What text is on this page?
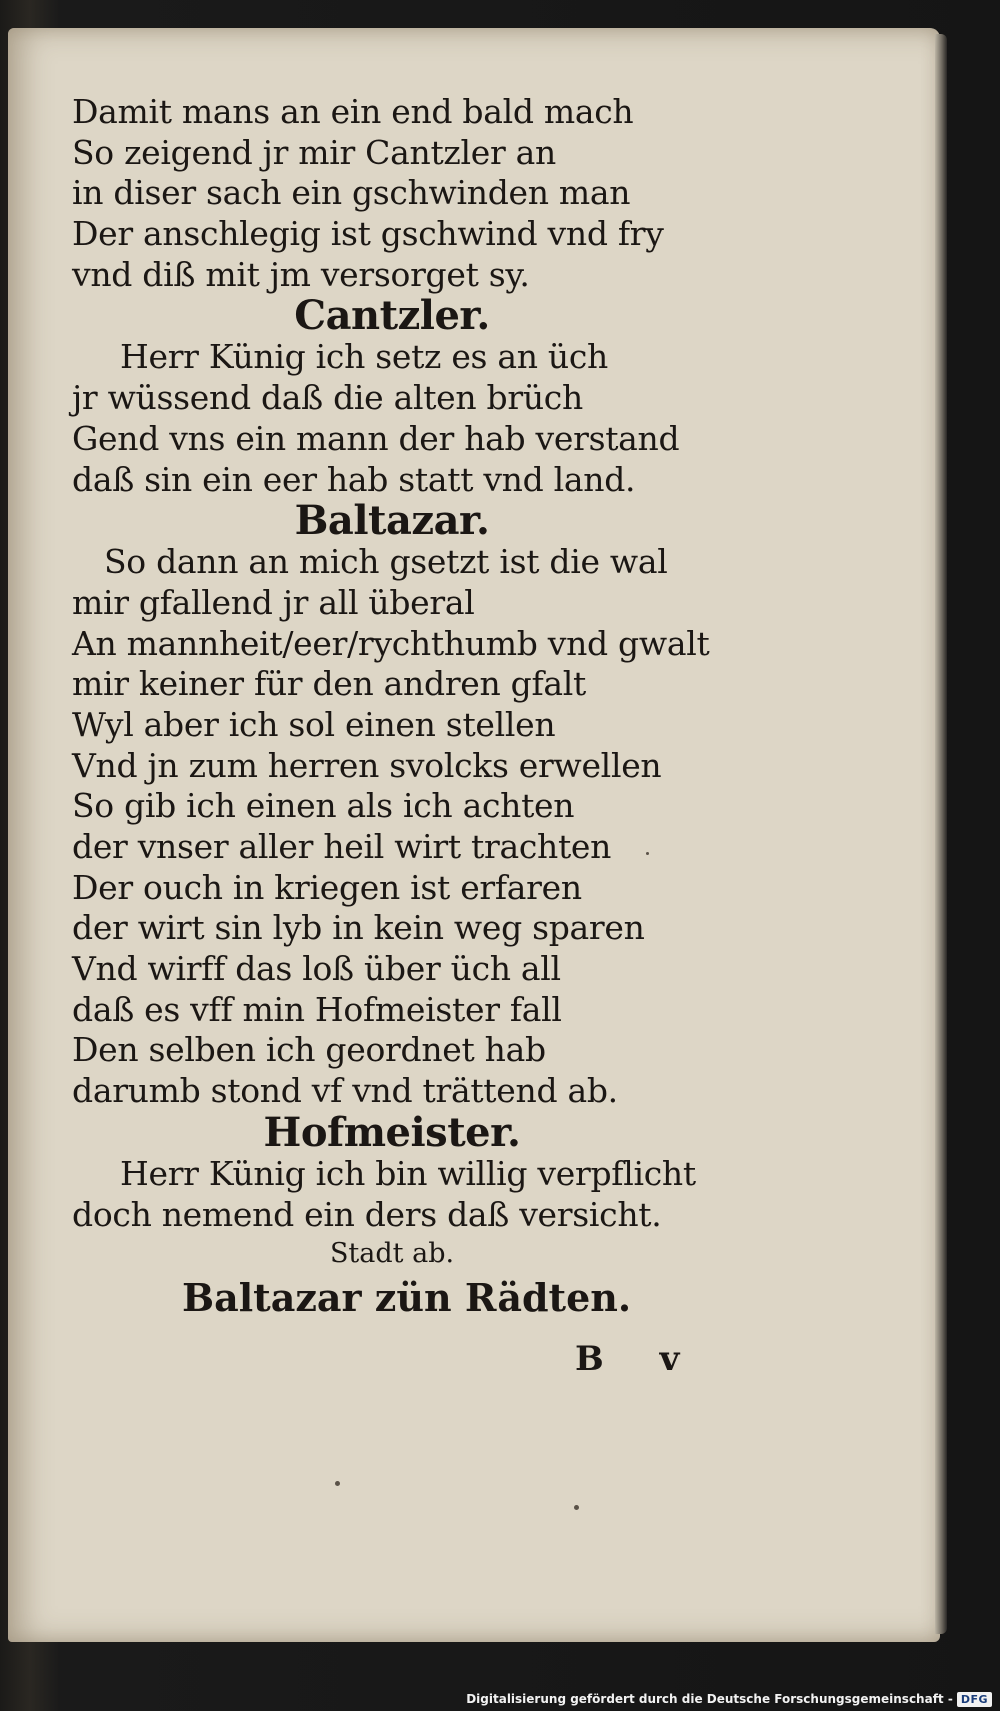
Damit mans an ein end bald mach
So zeigend jr mir Cantzler an
in diser sach ein gschwinden man
Der anschlegig ist gschwind vnd fry
vnd diß mit jm versorget sy.
Cantzler.
Herr Künig ich setz es an üch
jr wüssend daß die alten brüch
Gend vns ein mann der hab verstand
daß sin ein eer hab statt vnd land.
Baltazar.
So dann an mich gsetzt ist die wal
mir gfallend jr all überal
An mannheit/eer/rychthumb vnd gwalt
mir keiner für den andren gfalt
Wyl aber ich sol einen stellen
Vnd jn zum herren svolcks erwellen
So gib ich einen als ich achten
der vnser aller heil wirt trachten
Der ouch in kriegen ist erfaren
der wirt sin lyb in kein weg sparen
Vnd wirff das loß über üch all
daß es vff min Hofmeister fall
Den selben ich geordnet hab
darumb stond vf vnd trättend ab.
Hofmeister.
Herr Künig ich bin willig verpflicht
doch nemend ein ders daß versicht.
Stadt ab.
Baltazar zün Rädten.
B v
Digitalisierung gefördert durch die Deutsche Forschungsgemeinschaft - DFG
